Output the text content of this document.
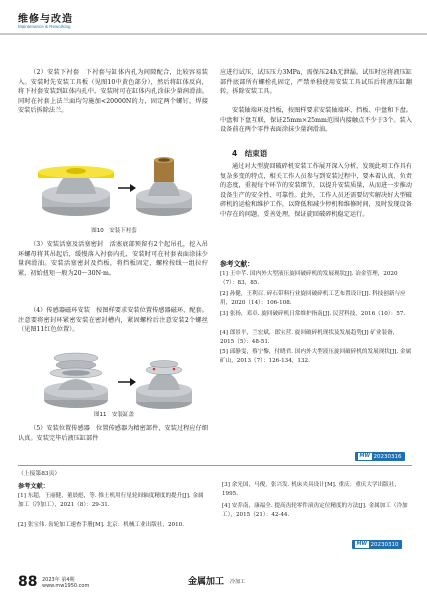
维修与改造
Maintenance & Reworking

（2）安装下衬套　下衬套与缸体内孔为间隙配合，比较容易装入。安装时先安装工具板（见图10中黄色部分），然后将缸体反向，将下衬套安装到缸体内孔中。安装时可在缸体内孔涂抹少量润滑油。同时在衬套上法兰面均匀施加<20000N的力，固定两个螺钉，焊接安装后拆除法兰。

图10　安装下衬套

（3）安装活塞及活塞密封　活塞底部预留有2个起吊孔，挖入吊环螺母将其吊起后，缓慢落入衬套内孔，安装时可在衬套表面涂抹少量润滑油。安装活塞密封及挡板，将挡板固定，螺栓按线一组拉拧紧，初始扭矩一般为20～30N·m。

（4）传感器磁环安装　按图样要求安装位置传感器磁环、配套。注意要将密封环紧密安装在密封槽内，紧固螺栓后注意安装2个螺丝（见图11红色位置）。

图11　安装缸盖

（5）安装位置传感器　位置传感器为精密部件，安装过程应仔细认真。安装完毕后液压缸部件

应进行试压，试压压力3MPa，需保压24h无泄漏。试压时应将液压缸部件底部所有螺栓孔固定，严禁单独使用安装工具试压后将液压缸翻转，拆除安装工具。

安装轴端环及挡板，按图样要求安装轴端环、挡板、中盘和下盘。中盘和下盘互联，保证25mm×25mm范围内接触点不少于3个。装入设备前在两个零件表面涂抹少量润滑油。

4　结束语

通过对大型旋回破碎机安装工作展开深入分析，发现此项工作具有复杂多变的特点，相关工作人员参与到安装过程中，要本着认真、负责的态度，重视每个环节的安装细节，以提升安装质量，从而进一步推动设备生产的安全性、可靠性。此外，工作人员还需要切实解决好大型破碎机的运检和维护工作，以降低和减少停机和维修时间，及时发现设备中存在的问题，妥善处理，保证旋回破碎机稳定运行。

参考文献：
[1] 王中芊. 国内外大型液压旋回破碎机的发展现状[J]. 冶金管理，2020（7）：83，85.
[2] 孙健，王利召. 碎石带料行业旋回破碎机工艺布置设计[J]. 科技创新与应用，2020（14）：106-108.
[3] 张扬，邓卓. 旋回破碎机日常维护指南[J]. 民营科技，2016（10）：57.
[4] 郎景平，兰宏斌，郎宝营. 旋回破碎机现状及发展趋势[J] 矿业装备，2015（5）：48-51.
[5] 邱静雯，蔡宁黎，付晓君. 国内外大型液压旋回破碎机的发展现状[J]. 金属矿山，2013（7）：126-134，132.
MW 20230316
（上接第83页）
参考文献：
[1] 东超，王丽健，董晨彪，等. 推土机用行星轮间轴度精度的提升[J]. 金属加工（冷加工），2021（8）：29-31.
[2] 张宝伟. 齿轮加工速查手册[M]. 北京：机械工业出版社，2010.
[3] 余光国，马俊，张兴发. 机床夹具设计[M]. 重庆：重庆大学出版社，1995.
[4] 安乔南，康福全. 提高齿轮零件滚齿定位精度的方法[J]. 金属加工（冷加工），2015（21）：42-44.
MW 20230310
88 2023年 第4期
www.mw1950.com	金属加工 冷加工
